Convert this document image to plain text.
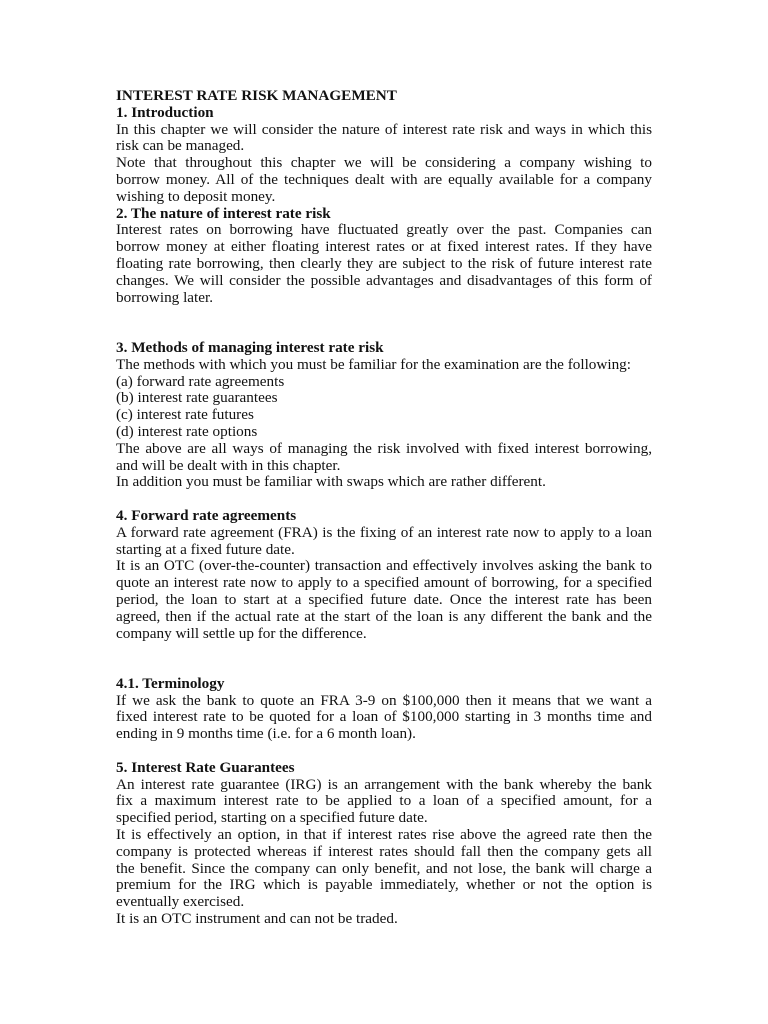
INTEREST RATE RISK MANAGEMENT
1. Introduction
In this chapter we will consider the nature of interest rate risk and ways in which this
risk can be managed.
Note that throughout this chapter we will be considering a company wishing to
borrow money. All of the techniques dealt with are equally available for a company
wishing to deposit money.
2. The nature of interest rate risk
Interest rates on borrowing have fluctuated greatly over the past. Companies can
borrow money at either floating interest rates or at fixed interest rates. If they have
floating rate borrowing, then clearly they are subject to the risk of future interest rate
changes. We will consider the possible advantages and disadvantages of this form of
borrowing later.
3. Methods of managing interest rate risk
The methods with which you must be familiar for the examination are the following:
(a) forward rate agreements
(b) interest rate guarantees
(c) interest rate futures
(d) interest rate options
The above are all ways of managing the risk involved with fixed interest borrowing,
and will be dealt with in this chapter.
In addition you must be familiar with swaps which are rather different.
4. Forward rate agreements
A forward rate agreement (FRA) is the fixing of an interest rate now to apply to a loan
starting at a fixed future date.
It is an OTC (over-the-counter) transaction and effectively involves asking the bank to
quote an interest rate now to apply to a specified amount of borrowing, for a specified
period, the loan to start at a specified future date. Once the interest rate has been
agreed, then if the actual rate at the start of the loan is any different the bank and the
company will settle up for the difference.
4.1. Terminology
If we ask the bank to quote an FRA 3-9 on $100,000 then it means that we want a
fixed interest rate to be quoted for a loan of $100,000 starting in 3 months time and
ending in 9 months time (i.e. for a 6 month loan).
5. Interest Rate Guarantees
An interest rate guarantee (IRG) is an arrangement with the bank whereby the bank
fix a maximum interest rate to be applied to a loan of a specified amount, for a
specified period, starting on a specified future date.
It is effectively an option, in that if interest rates rise above the agreed rate then the
company is protected whereas if interest rates should fall then the company gets all
the benefit. Since the company can only benefit, and not lose, the bank will charge a
premium for the IRG which is payable immediately, whether or not the option is
eventually exercised.
It is an OTC instrument and can not be traded.
